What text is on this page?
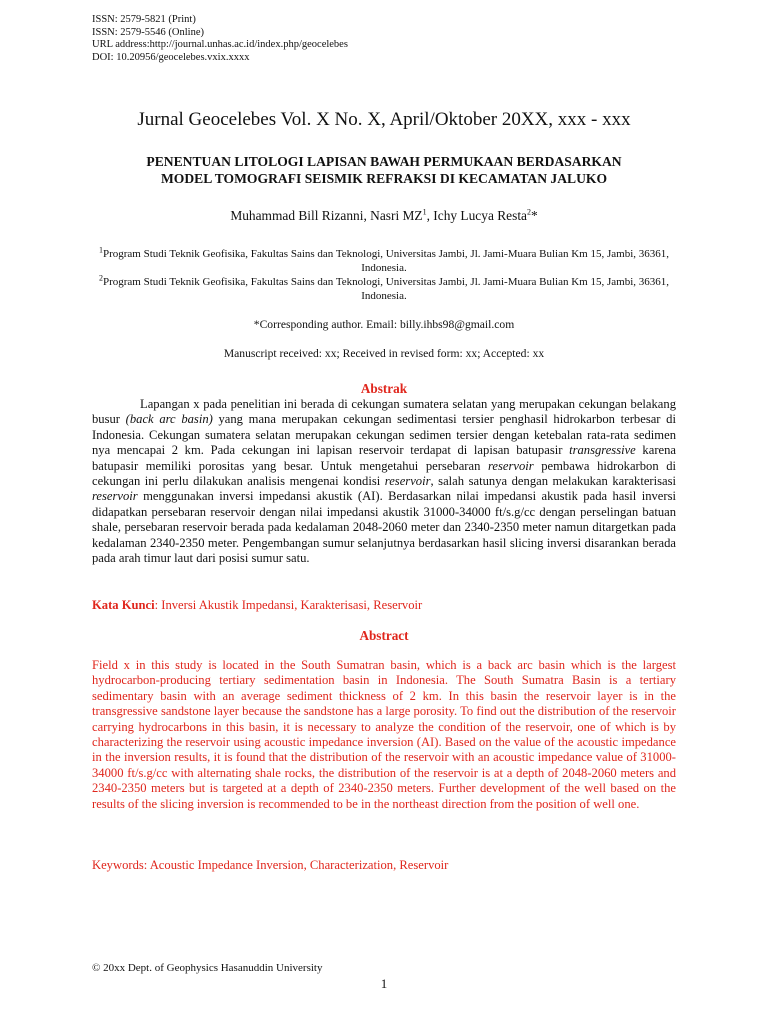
ISSN: 2579-5821 (Print)
ISSN: 2579-5546 (Online)
URL address:http://journal.unhas.ac.id/index.php/geocelebes
DOI: 10.20956/geocelebes.vxix.xxxx
Jurnal Geocelebes Vol. X No. X, April/Oktober 20XX, xxx - xxx
PENENTUAN LITOLOGI LAPISAN BAWAH PERMUKAAN BERDASARKAN
MODEL TOMOGRAFI SEISMIK REFRAKSI DI KECAMATAN JALUKO
Muhammad Bill Rizanni, Nasri $MZ^1$, Ichy Lucya Resta$^2$*
$^1$Program Studi Teknik Geofisika, Fakultas Sains dan Teknologi, Universitas Jambi, Jl. Jami-Muara Bulian Km 15, Jambi, 36361, Indonesia.
$^2$Program Studi Teknik Geofisika, Fakultas Sains dan Teknologi, Universitas Jambi, Jl. Jami-Muara Bulian Km 15, Jambi, 36361, Indonesia.
*Corresponding author. Email: billy.ihbs98@gmail.com
Manuscript received: xx; Received in revised form: xx; Accepted: xx
Abstrak
Lapangan x pada penelitian ini berada di cekungan sumatera selatan yang merupakan cekungan belakang busur (back arc basin) yang mana merupakan cekungan sedimentasi tersier penghasil hidrokarbon terbesar di Indonesia. Cekungan sumatera selatan merupakan cekungan sedimen tersier dengan ketebalan rata-rata sedimen nya mencapai 2 km. Pada cekungan ini lapisan reservoir terdapat di lapisan batupasir transgressive karena batupasir memiliki porositas yang besar. Untuk mengetahui persebaran reservoir pembawa hidrokarbon di cekungan ini perlu dilakukan analisis mengenai kondisi reservoir, salah satunya dengan melakukan karakterisasi reservoir menggunakan inversi impedansi akustik (AI). Berdasarkan nilai impedansi akustik pada hasil inversi didapatkan persebaran reservoir dengan nilai impedansi akustik 31000-34000 ft/s.g/cc dengan perselingan batuan shale, persebaran reservoir berada pada kedalaman 2048-2060 meter dan 2340-2350 meter namun ditargetkan pada kedalaman 2340-2350 meter. Pengembangan sumur selanjutnya berdasarkan hasil slicing inversi disarankan berada pada arah timur laut dari posisi sumur satu.
Kata Kunci: Inversi Akustik Impedansi, Karakterisasi, Reservoir
Abstract
Field x in this study is located in the South Sumatran basin, which is a back arc basin which is the largest hydrocarbon-producing tertiary sedimentation basin in Indonesia. The South Sumatra Basin is a tertiary sedimentary basin with an average sediment thickness of 2 km. In this basin the reservoir layer is in the transgressive sandstone layer because the sandstone has a large porosity. To find out the distribution of the reservoir carrying hydrocarbons in this basin, it is necessary to analyze the condition of the reservoir, one of which is by characterizing the reservoir using acoustic impedance inversion (AI). Based on the value of the acoustic impedance in the inversion results, it is found that the distribution of the reservoir with an acoustic impedance value of 31000-34000 ft/s.g/cc with alternating shale rocks, the distribution of the reservoir is at a depth of 2048-2060 meters and 2340-2350 meters but is targeted at a depth of 2340-2350 meters. Further development of the well based on the results of the slicing inversion is recommended to be in the northeast direction from the position of well one.
Keywords: Acoustic Impedance Inversion, Characterization, Reservoir
© 20xx Dept. of Geophysics Hasanuddin University
1
